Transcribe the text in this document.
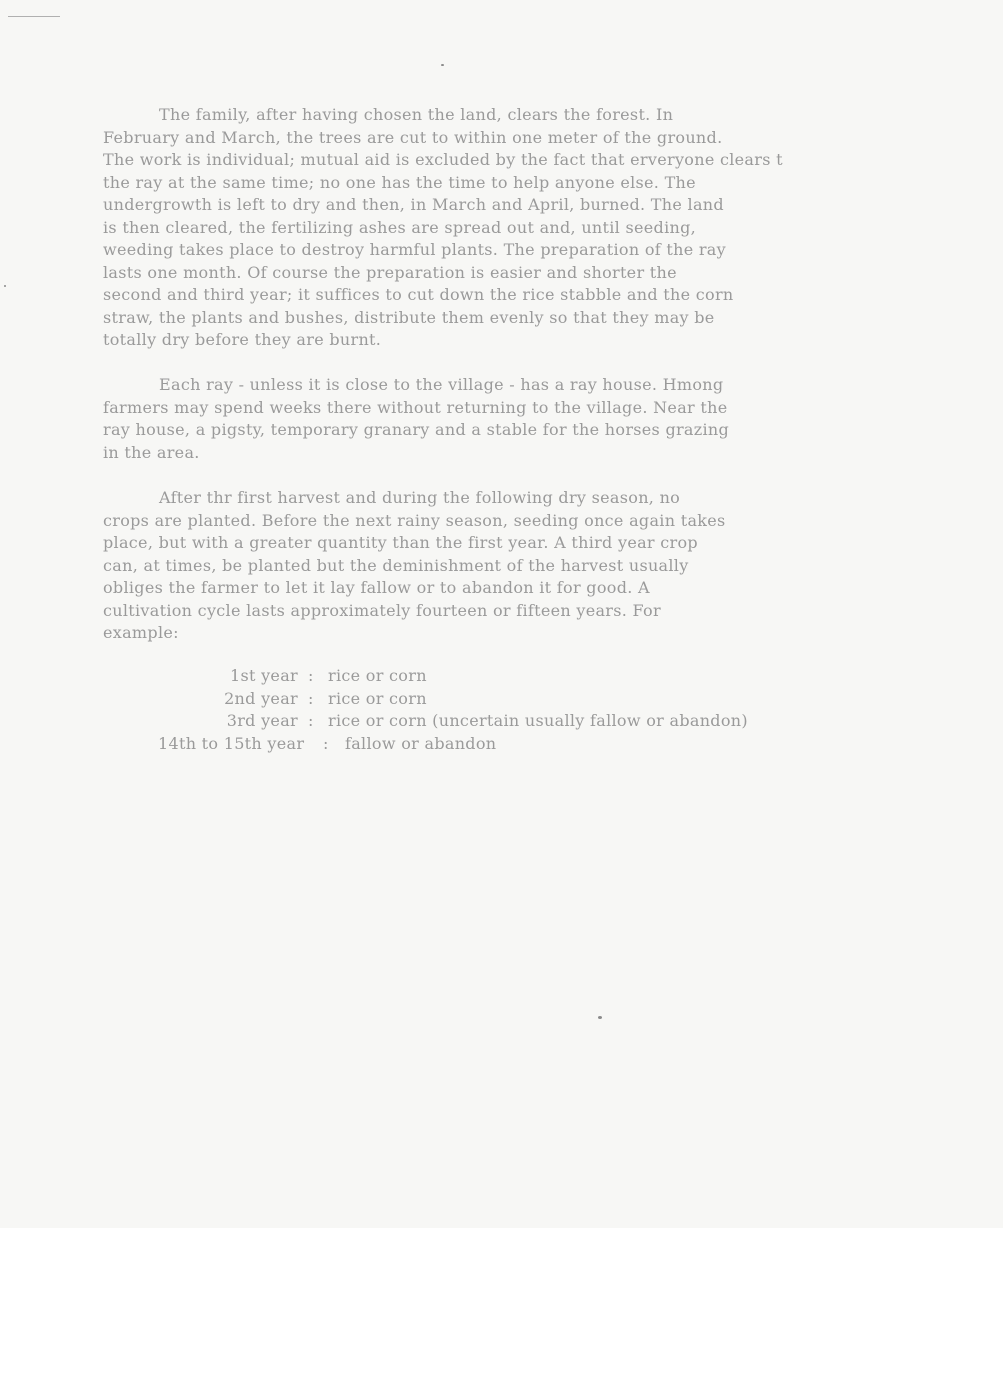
The family, after having chosen the land, clears the forest. In
February and March, the trees are cut to within one meter of the ground.
The work is individual; mutual aid is excluded by the fact that erveryone clears t
the ray at the same time; no one has the time to help anyone else. The
undergrowth is left to dry and then, in March and April, burned. The land
is then cleared, the fertilizing ashes are spread out and, until seeding,
weeding takes place to destroy harmful plants. The preparation of the ray
lasts one month. Of course the preparation is easier and shorter the
second and third year; it suffices to cut down the rice stabble and the corn
straw, the plants and bushes, distribute them evenly so that they may be
totally dry before they are burnt.
Each ray - unless it is close to the village - has a ray house. Hmong
farmers may spend weeks there without returning to the village. Near the
ray house, a pigsty, temporary granary and a stable for the horses grazing
in the area.
After thr first harvest and during the following dry season, no
crops are planted. Before the next rainy season, seeding once again takes
place, but with a greater quantity than the first year. A third year crop
can, at times, be planted but the deminishment of the harvest usually
obliges the farmer to let it lay fallow or to abandon it for good. A
cultivation cycle lasts approximately fourteen or fifteen years. For
example:
1st year : rice or corn
2nd year : rice or corn
3rd year : rice or corn (uncertain usually fallow or abandon)
14th to 15th year : fallow or abandon
